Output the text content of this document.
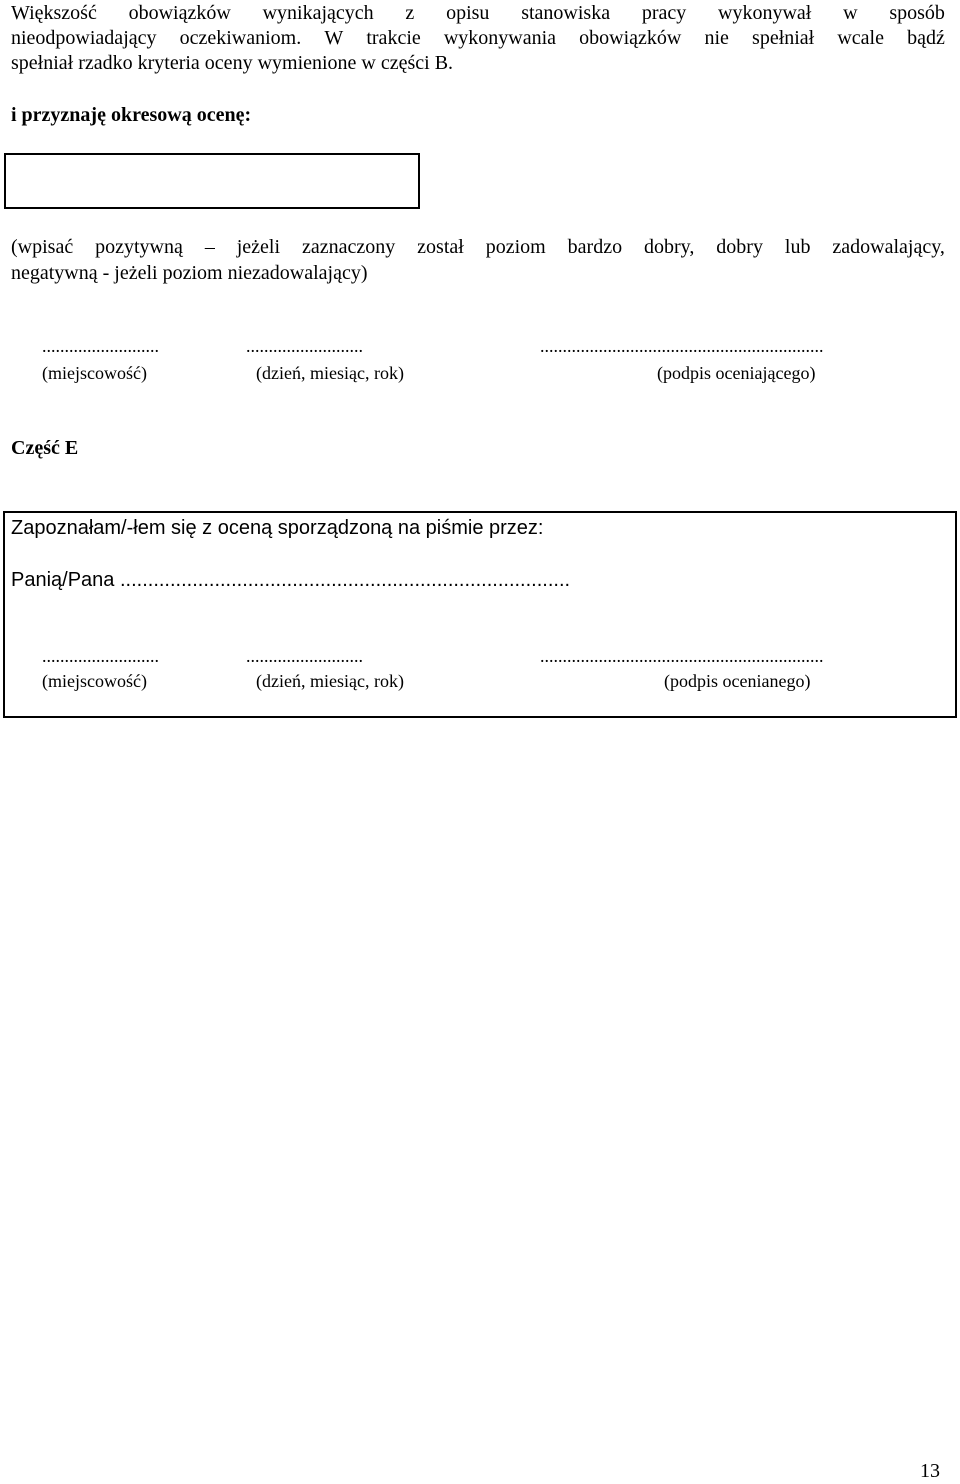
Większość obowiązków wynikających z opisu stanowiska pracy wykonywał w sposób
nieodpowiadający oczekiwaniom. W trakcie wykonywania obowiązków nie spełniał wcale bądź
spełniał rzadko kryteria oceny wymienione w części B.
i przyznaję okresową ocenę:
(wpisać pozytywną – jeżeli zaznaczony został poziom bardzo dobry, dobry lub zadowalający,
negatywną - jeżeli poziom niezadowalający)
..........................	..........................	...............................................................
(miejscowość)	(dzień, miesiąc, rok)	(podpis oceniającego)
Część E
Zapoznałam/-łem się z oceną sporządzoną na piśmie przez:
Panią/Pana .................................................................................
..........................	..........................	...............................................................
(miejscowość)	(dzień, miesiąc, rok)	(podpis ocenianego)
13
